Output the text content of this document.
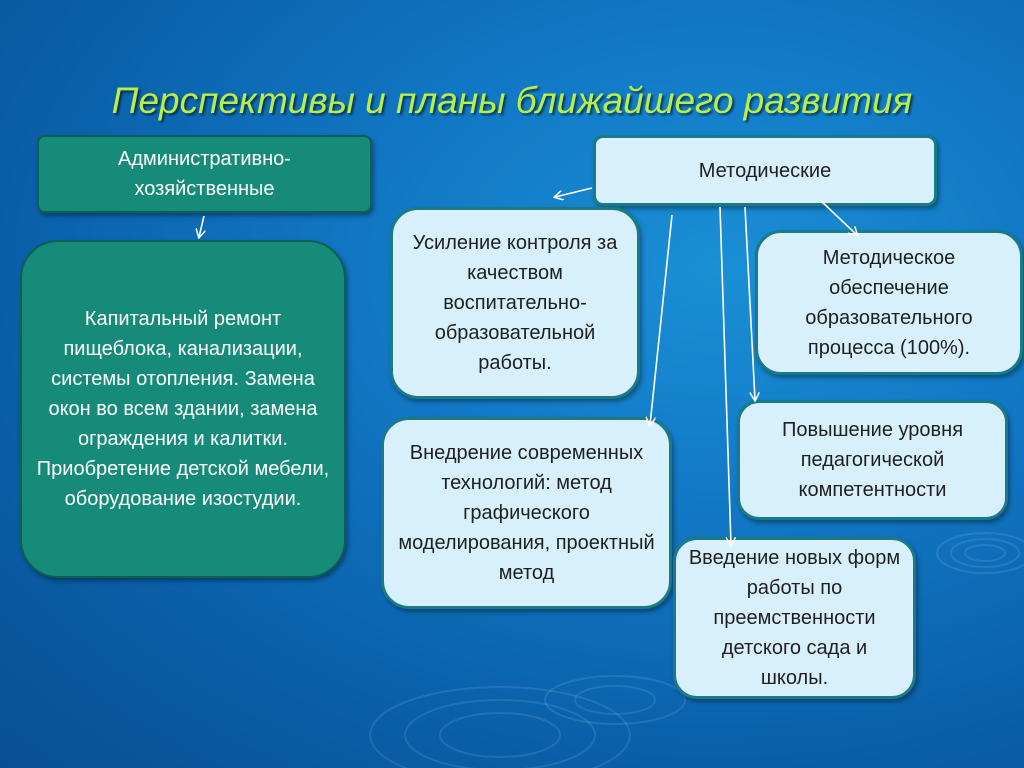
Перспективы и планы ближайшего развития
Административно-хозяйственные
Капитальный ремонт пищеблока, канализации, системы отопления. Замена окон во всем здании, замена ограждения и калитки. Приобретение детской мебели, оборудование изостудии.
Методические
Усиление контроля за качеством воспитательно-образовательной работы.
Методическое обеспечение образовательного процесса (100%).
Внедрение современных технологий: метод графического моделирования, проектный метод
Повышение уровня педагогической компетентности
Введение новых форм работы по преемственности детского сада и школы.
